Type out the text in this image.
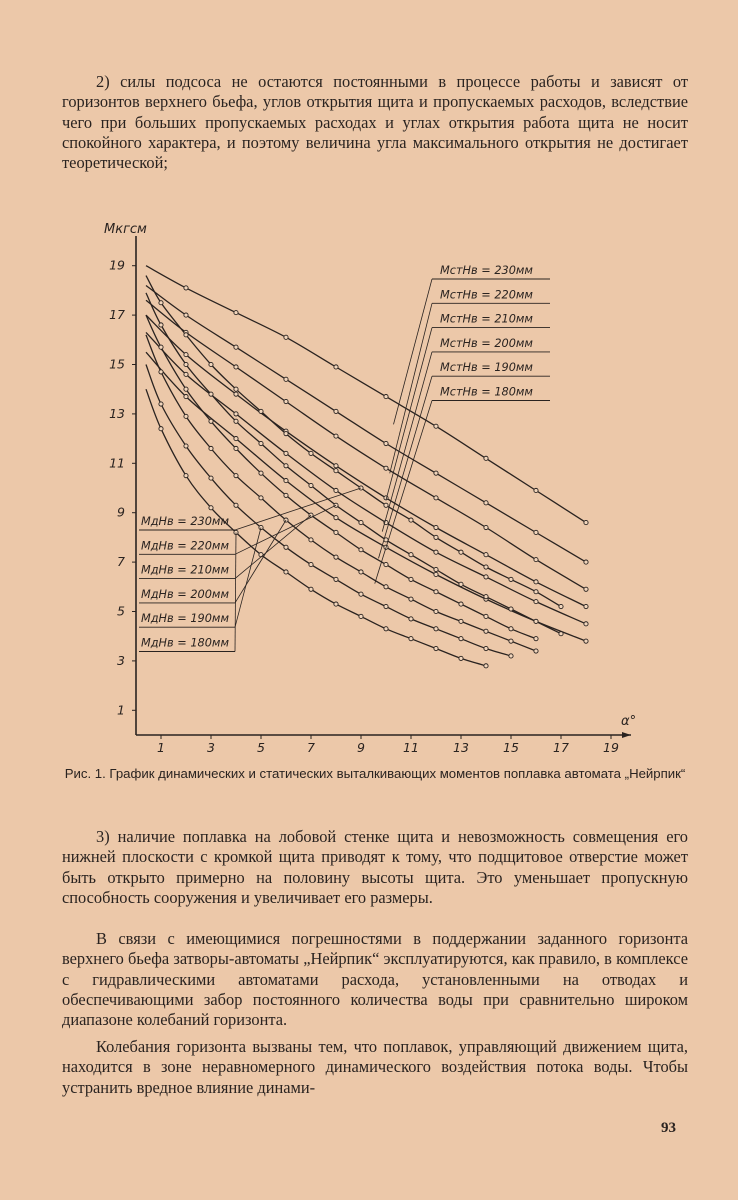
2) силы подсоса не остаются постоянными в процессе работы и зависят от горизонтов верхнего бьефа, углов открытия щита и пропускаемых расходов, вследствие чего при больших пропускаемых расходах и углах открытия работа щита не носит спокойного характера, и поэтому величина угла максимального открытия не достигает теоретической;

1	3	5	7	9	11	13	15	17	19
1
3
5
7
9
11
13
15
17
19
Мкгсм
α°
MстHв = 230мм
MстHв = 220мм
MстHв = 210мм
MстHв = 200мм
MстHв = 190мм
MстHв = 180мм
MдHв = 230мм
MдHв = 220мм
MдHв = 210мм
MдHв = 200мм
MдHв = 190мм
MдHв = 180мм
Рис. 1. График динамических и статических выталкивающих моментов поплавка автомата „Нейрпик“

3) наличие поплавка на лобовой стенке щита и невозможность совмещения его нижней плоскости с кромкой щита приводят к тому, что подщитовое отверстие может быть открыто примерно на половину высоты щита. Это уменьшает пропускную способность сооружения и увеличивает его размеры.

В связи с имеющимися погрешностями в поддержании заданного горизонта верхнего бьефа затворы-автоматы „Нейрпик“ эксплуатируются, как правило, в комплексе с гидравлическими автоматами расхода, установленными на отводах и обеспечивающими забор постоянного количества воды при сравнительно широком диапазоне колебаний горизонта.

Колебания горизонта вызваны тем, что поплавок, управляющий движением щита, находится в зоне неравномерного динамического воздействия потока воды. Чтобы устранить вредное влияние динами-

93
